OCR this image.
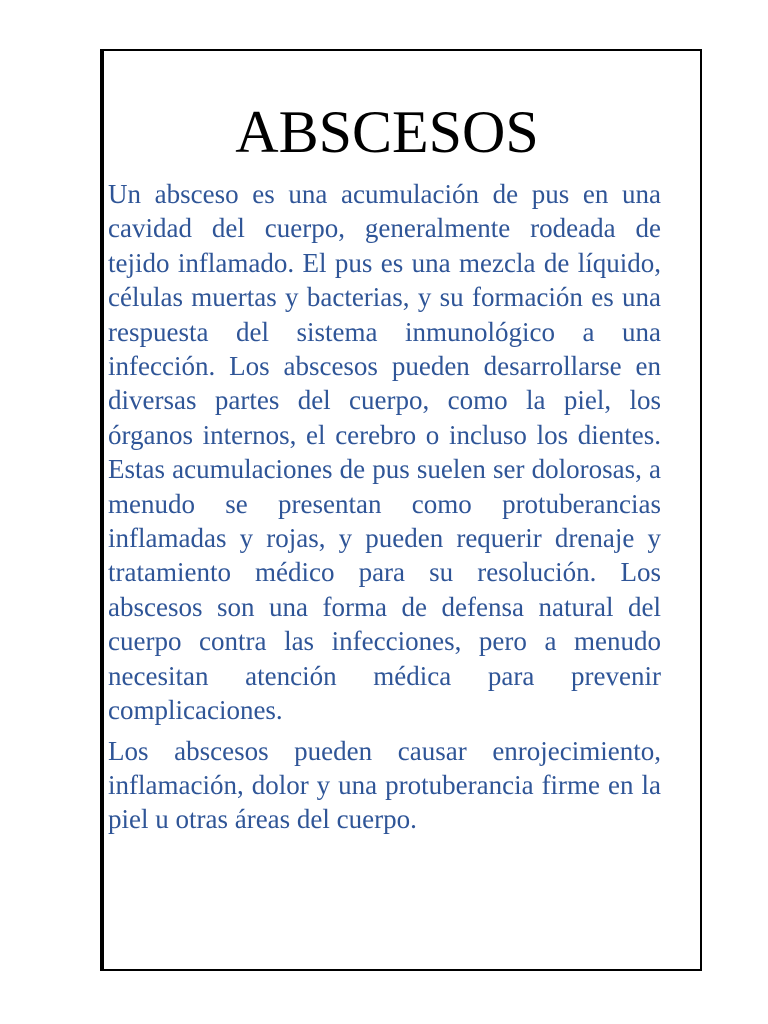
ABSCESOS

Un absceso es una acumulación de pus en una cavidad del cuerpo, generalmente rodeada de tejido inflamado. El pus es una mezcla de líquido, células muertas y bacterias, y su formación es una respuesta del sistema inmunológico a una infección. Los abscesos pueden desarrollarse en diversas partes del cuerpo, como la piel, los órganos internos, el cerebro o incluso los dientes. Estas acumulaciones de pus suelen ser dolorosas, a menudo se presentan como protuberancias inflamadas y rojas, y pueden requerir drenaje y tratamiento médico para su resolución. Los abscesos son una forma de defensa natural del cuerpo contra las infecciones, pero a menudo necesitan atención médica para prevenir complicaciones.

Los abscesos pueden causar enrojecimiento, inflamación, dolor y una protuberancia firme en la piel u otras áreas del cuerpo.
